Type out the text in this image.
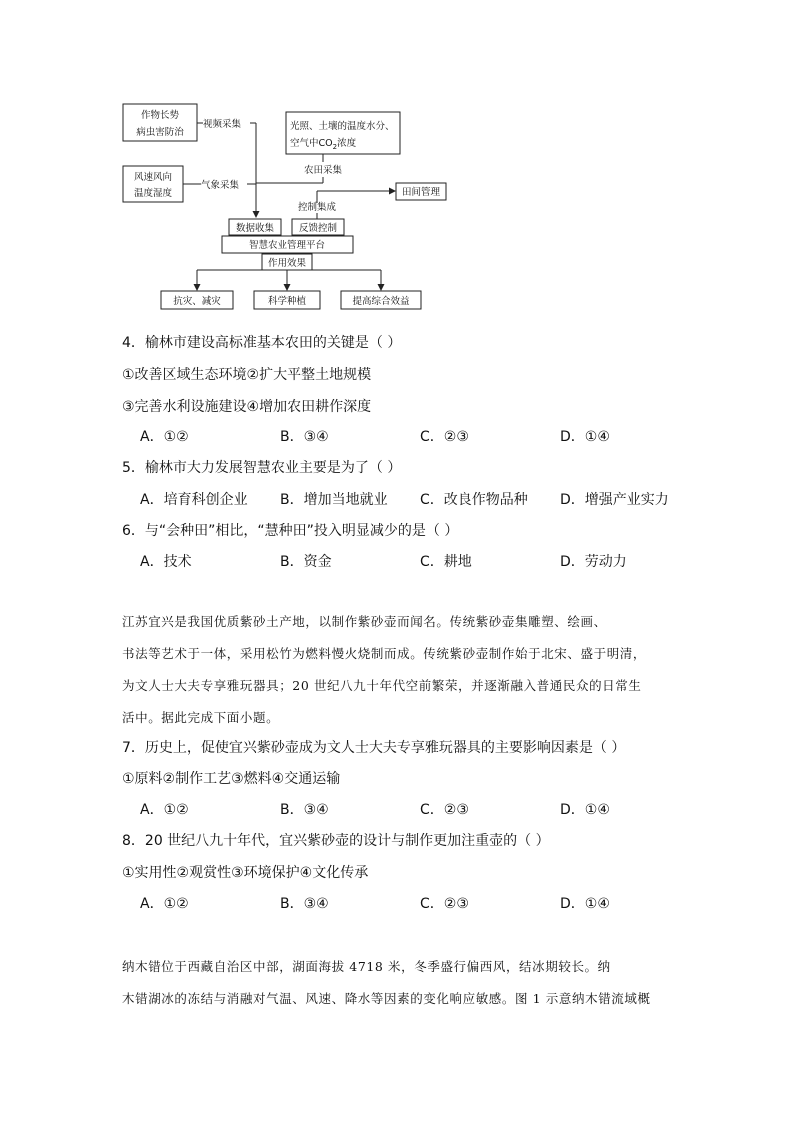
作物长势
病虫害防治
视频采集	光照、土壤的温度水分、
空气中$CO_2$浓度
农田采集
风速风向
温度湿度
气象采集
田间管理
控制集成
数据收集	反馈控制
智慧农业管理平台
作用效果
抗灾、减灾	科学种植	提高综合效益
4．榆林市建设高标准基本农田的关键是（ ）
①改善区域生态环境②扩大平整土地规模
③完善水利设施建设④增加农田耕作深度
A．①②	B．③④	C．②③	D．①④
5．榆林市大力发展智慧农业主要是为了（ ）
A．培育科创企业 B．增加当地就业 C．改良作物品种 D．增强产业实力
6．与“会种田”相比，“慧种田”投入明显减少的是（ ）
A．技术	B．资金	C．耕地	D．劳动力
江苏宜兴是我国优质紫砂土产地，以制作紫砂壶而闻名。传统紫砂壶集雕塑、绘画、
书法等艺术于一体，采用松竹为燃料慢火烧制而成。传统紫砂壶制作始于北宋、盛于明清，
为文人士大夫专享雅玩器具；20 世纪八九十年代空前繁荣，并逐渐融入普通民众的日常生
活中。据此完成下面小题。
7．历史上，促使宜兴紫砂壶成为文人士大夫专享雅玩器具的主要影响因素是（ ）
①原料②制作工艺③燃料④交通运输
A．①②	B．③④	C．②③	D．①④
8．20 世纪八九十年代，宜兴紫砂壶的设计与制作更加注重壶的（ ）
①实用性②观赏性③环境保护④文化传承
A．①②	B．③④	C．②③	D．①④
纳木错位于西藏自治区中部，湖面海拔 4718 米，冬季盛行偏西风，结冰期较长。纳
木错湖冰的冻结与消融对气温、风速、降水等因素的变化响应敏感。图 1 示意纳木错流域概
